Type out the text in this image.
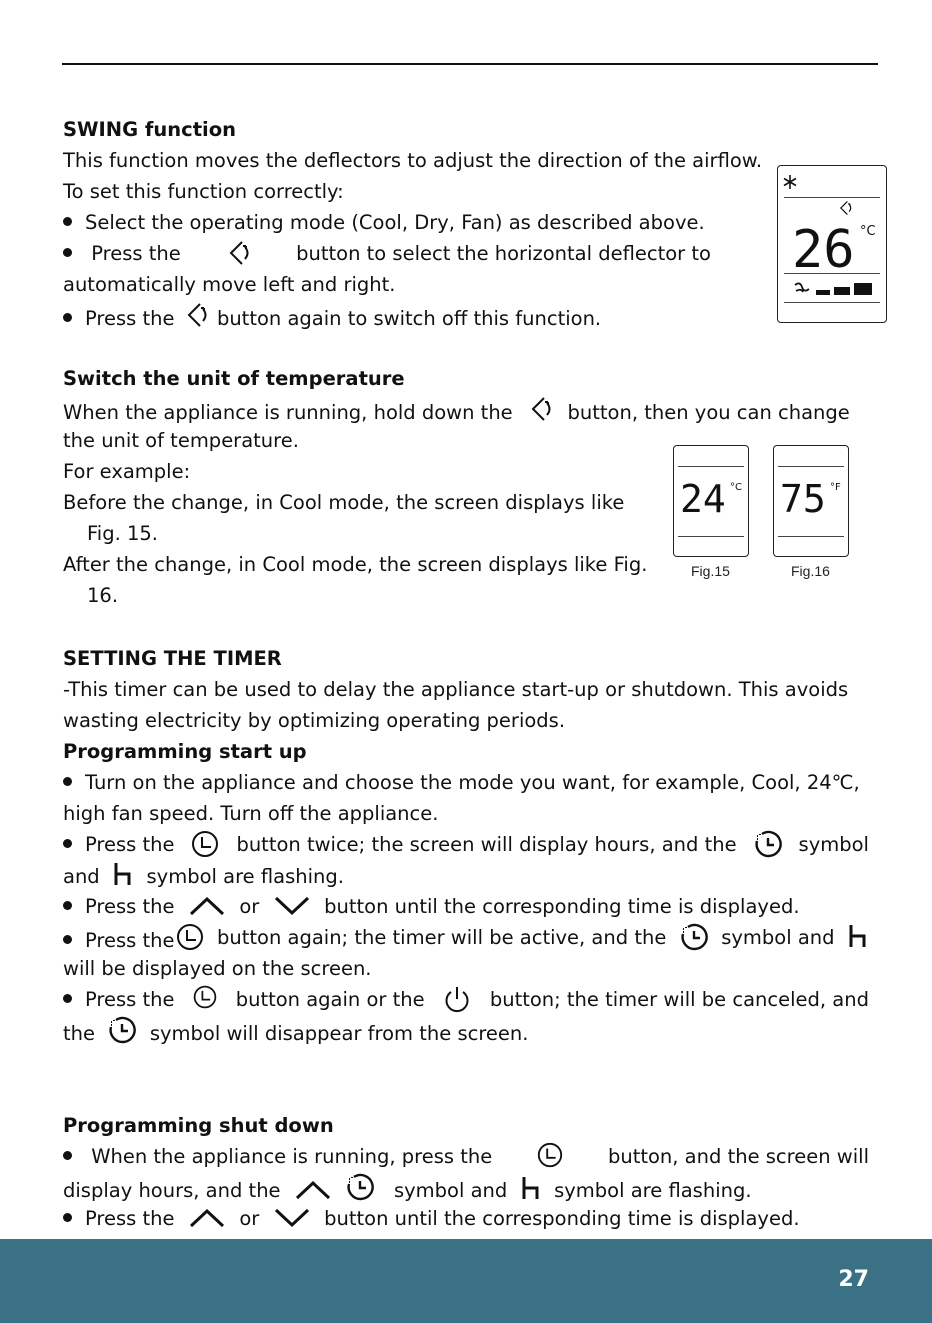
SWING function
This function moves the deflectors to adjust the direction of the airflow.
To set this function correctly:
Select the operating mode (Cool, Dry, Fan) as described above.
Press the	button to select the horizontal deflector to
automatically move left and right.
Press the button again to switch off this function.
26 °C
Switch the unit of temperature
When the appliance is running, hold down the	button, then you can change
the unit of temperature.
For example:
Before the change, in Cool mode, the screen displays like
Fig. 15.
After the change, in Cool mode, the screen displays like Fig.
16.
24 °C
Fig.15
75 °F
Fig.16
SETTING THE TIMER
-This timer can be used to delay the appliance start-up or shutdown. This avoids
wasting electricity by optimizing operating periods.
Programming start up
Turn on the appliance and choose the mode you want, for example, Cool, 24℃,
high fan speed. Turn off the appliance.
Press the	button twice; the screen will display hours, and the	symbol
and symbol are flashing.
Press the	or	button until the corresponding time is displayed.
Press the	button again; the timer will be active, and the	symbol and
will be displayed on the screen.
Press the	button again or the	button; the timer will be canceled, and
the	symbol will disappear from the screen.
Programming shut down
When the appliance is running, press the	button, and the screen will
display hours, and the	symbol and symbol are flashing.
Press the	or	button until the corresponding time is displayed.
27
